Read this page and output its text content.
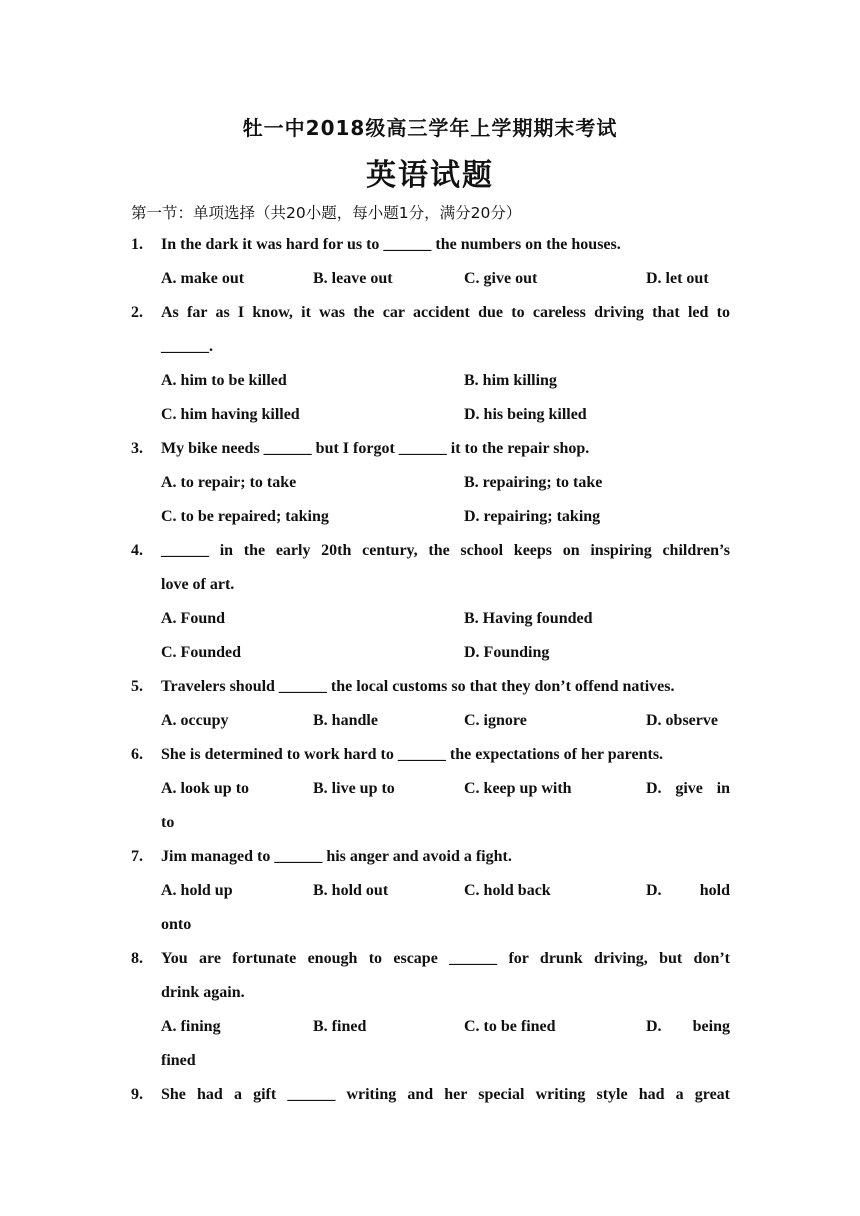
牡一中2018级高三学年上学期期末考试
英语试题
第一节：单项选择（共20小题，每小题1分，满分20分）
1. In the dark it was hard for us to ______ the numbers on the houses.
A. make out	B. leave out	C. give out	D. let out
2. As far as I know, it was the car accident due to careless driving that led to
______.
A. him to be killed	B. him killing
C. him having killed	D. his being killed
3. My bike needs ______ but I forgot ______ it to the repair shop.
A. to repair; to take	B. repairing; to take
C. to be repaired; taking	D. repairing; taking
4. ______ in the early 20th century, the school keeps on inspiring children’s
love of art.
A. Found	B. Having founded
C. Founded	D. Founding
5. Travelers should ______ the local customs so that they don’t offend natives.
A. occupy	B. handle	C. ignore	D. observe
6. She is determined to work hard to ______ the expectations of her parents.
A. look up to	B. live up to	C. keep up with	D. give in
to
7. Jim managed to ______ his anger and avoid a fight.
A. hold up	B. hold out	C. hold back	D. hold
onto
8. You are fortunate enough to escape ______ for drunk driving, but don’t
drink again.
A. fining	B. fined	C. to be fined	D. being
fined
9. She had a gift ______ writing and her special writing style had a great
